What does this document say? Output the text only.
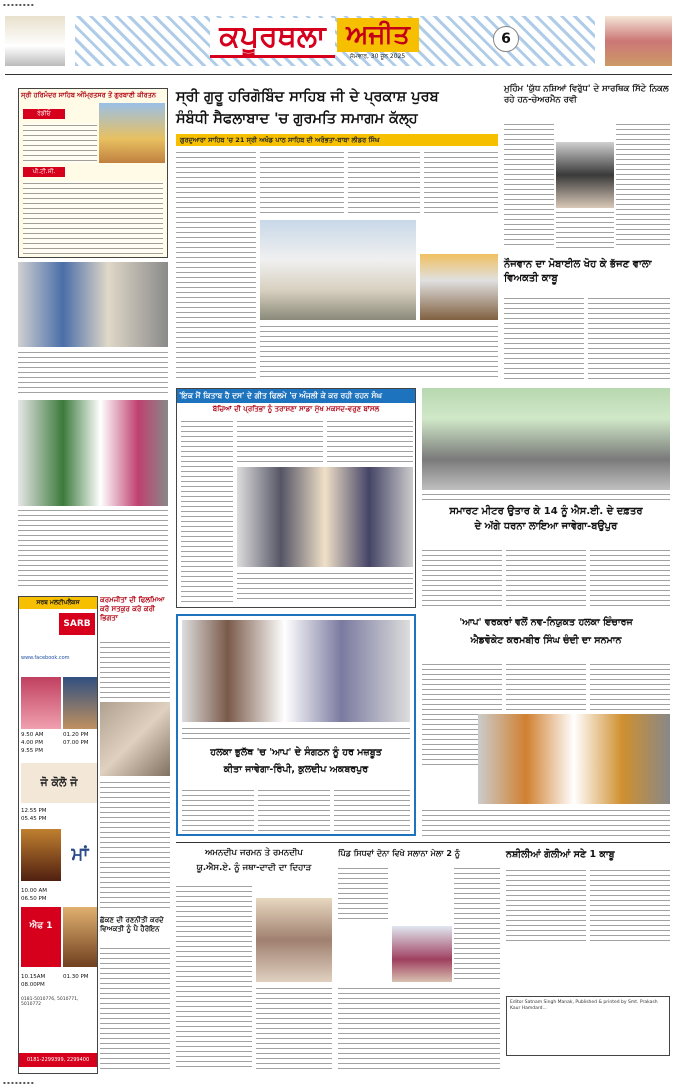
▪ ▪ ▪ ▪ ▪ ▪ ▪ ▪
ਕਪੂਰਥਲਾ ਅਜੀਤ
ਸੋਮਵਾਰ, 30 ਜੂਨ 2025
6
ਸ੍ਰੀ ਹਰਿਮੰਦਰ ਸਾਹਿਬ ਅੰਮ੍ਰਿਤਸਰ ਤੋਂ ਗੁਰਬਾਣੀ ਕੀਰਤਨ
ਰੇਡੀਓ
ਪੀ.ਟੀ.ਸੀ.
ਸਰਬ ਮਲਟੀਪਲੈਕਸ
SARB
www.facebook.com
9.50 AM
4.00 PM
9.55 PM
01.20 PM
07.00 PM
ਜੋ ਕੋਲੋ ਜੋ
12.55 PM
05.45 PM
ਮਾਂ
10.00 AM
06.50 PM
ਐਫ 1
10.15AM
08.00PM
01.30 PM
0181-5010776, 5010771, 5010772
0181-2299399, 2299400
ਕਰਮਜੀਤਾਂ ਦੀ ਫਿਲਮਿਆ ਕਰੋ ਸਤਕੁਰ ਕਰੇ ਕਰੀ ਭਿਗਤਾ
ਛੱਕਣ ਦੀ ਰਣਨੀਤੀ ਕਰਦੇ ਵਿਅਕਤੀ ਨੂੰ ਪੈ ਹੈਰੋਇਨ
ਸ੍ਰੀ ਗੁਰੂ ਹਰਿਗੋਬਿੰਦ ਸਾਹਿਬ ਜੀ ਦੇ ਪ੍ਰਕਾਸ਼ ਪੁਰਬ
ਸੰਬੰਧੀ ਸੈਫਲਾਬਾਦ 'ਚ ਗੁਰਮਤਿ ਸਮਾਗਮ ਕੱਲ੍ਹ
ਗੁਰਦੁਆਰਾ ਸਾਹਿਬ 'ਚ 21 ਸ੍ਰੀ ਅਖੰਡ ਪਾਠ ਸਾਹਿਬ ਦੀ ਅਰੰਭਤਾ-ਬਾਬਾ ਲੀਡਰ ਸਿੰਘ
ਮੁਹਿੰਮ 'ਯੁੱਧ ਨਸ਼ਿਆਂ ਵਿਰੁੱਧ' ਦੇ ਸਾਰਥਿਕ ਸਿੱਟੇ ਨਿਕਲ ਰਹੇ ਹਨ-ਚੇਅਰਮੈਨ ਰਵੀ
ਨੌਜਵਾਨ ਦਾ ਮੋਬਾਈਲ ਖੋਹ ਕੇ ਭੱਜਣ ਵਾਲਾ ਵਿਅਕਤੀ ਕਾਬੂ
'ਇਕ ਮੈਂ ਕਿਤਾਬ ਹੈ ਦਸ' ਦੇ ਗੀਤ ਫਿਲਮੇ 'ਚ ਅੰਜਲੀ ਕੇ ਕਰ ਰਹੀ ਰਹਨ ਸੰਘ
ਬੱਚਿਆਂ ਦੀ ਪ੍ਰਤਿਭਾ ਨੂੰ ਤਰਾਸ਼ਣਾ ਸਾਡਾ ਮੁੱਖ ਮਕਸਦ-ਵਰੁਣ ਬਾਂਸਲ
ਸਮਾਰਟ ਮੀਟਰ ਉਤਾਰ ਕੇ 14 ਨੂੰ ਐਸ.ਈ. ਦੇ ਦਫ਼ਤਰ
ਦੇ ਅੱਗੇ ਧਰਨਾ ਲਾਇਆ ਜਾਵੇਗਾ-ਬਉਪੁਰ
ਹਲਕਾ ਭੁਲੱਥ 'ਚ 'ਆਪ' ਦੇ ਸੰਗਠਨ ਨੂੰ ਹਰ ਮਜ਼ਬੂਤ
ਕੀਤਾ ਜਾਵੇਗਾ-ਰਿੰਪੀ, ਕੁਲਦੀਪ ਅਕਬਰਪੁਰ
'ਆਪ' ਵਰਕਰਾਂ ਵਲੋਂ ਨਵ-ਨਿਯੁਕਤ ਹਲਕਾ ਇੰਚਾਰਜ
ਐਡਵੋਕੇਟ ਕਰਮਬੀਰ ਸਿੰਘ ਚੰਦੀ ਦਾ ਸਨਮਾਨ
ਅਮਨਦੀਪ ਜਰਮਨ ਤੇ ਰਮਨਦੀਪ
ਯੂ.ਐਸ.ਏ. ਨੂੰ ਜਥਾ-ਦਾਦੀ ਦਾ ਦਿਹਾੜ
ਪਿੰਡ ਸਿਧਵਾਂ ਦੋਨਾ ਵਿਖੇ ਸਲਾਨਾ ਮੇਲਾ 2 ਨੂੰ	ਨਸ਼ੀਲੀਆਂ ਗੋਲੀਆਂ ਸਣੇ 1 ਕਾਬੂ
Editor Satnam Singh Manak, Published & printed by Smt. Prakash Kaur Hamdard...
▪ ▪ ▪ ▪ ▪ ▪ ▪ ▪
